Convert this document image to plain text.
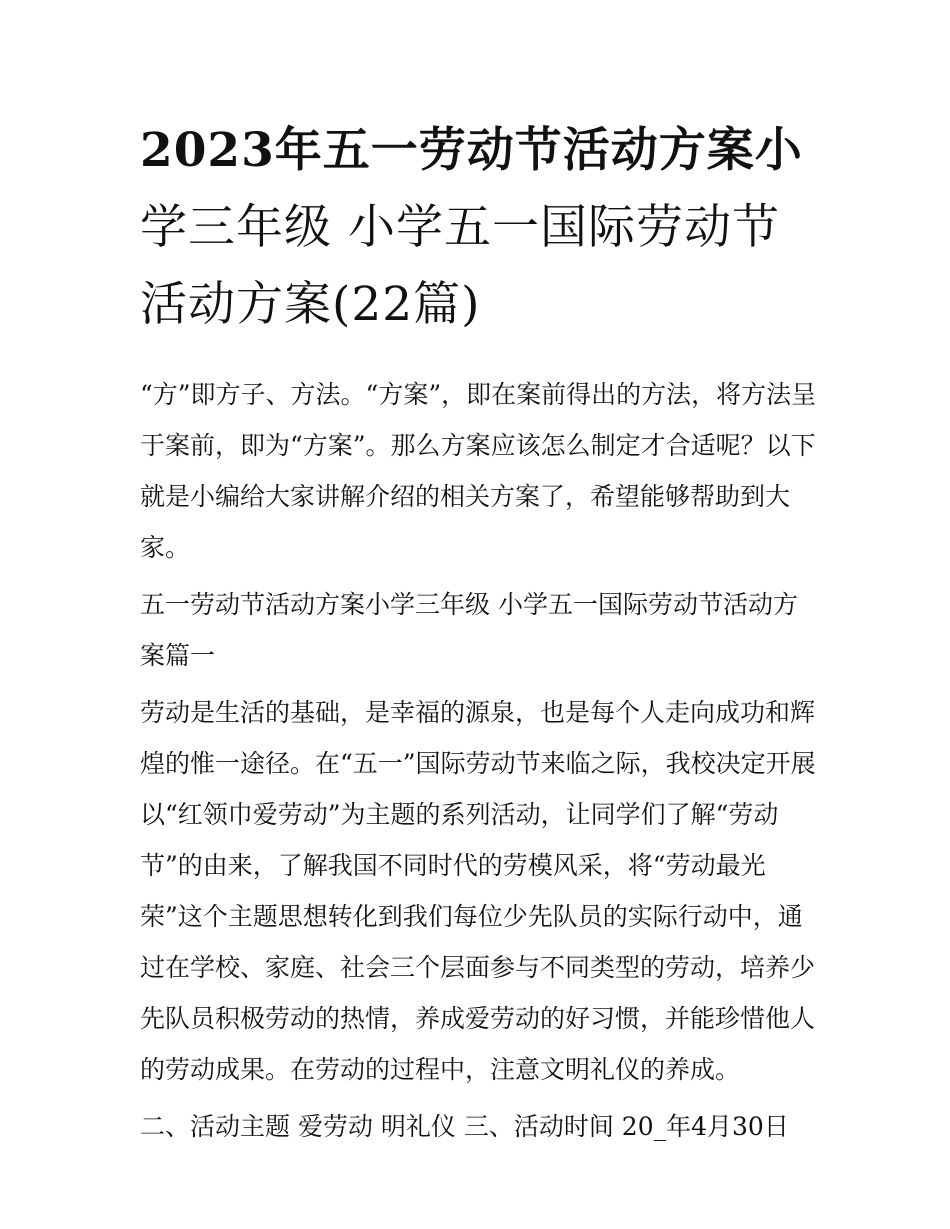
2023年五一劳动节活动方案小
学三年级 小学五一国际劳动节
活动方案(22篇)

“方”即方子、方法。“方案”，即在案前得出的方法，将方法呈
于案前，即为“方案”。那么方案应该怎么制定才合适呢？以下
就是小编给大家讲解介绍的相关方案了，希望能够帮助到大
家。

五一劳动节活动方案小学三年级 小学五一国际劳动节活动方
案篇一

劳动是生活的基础，是幸福的源泉，也是每个人走向成功和辉
煌的惟一途径。在“五一”国际劳动节来临之际，我校决定开展
以“红领巾爱劳动”为主题的系列活动，让同学们了解“劳动
节”的由来，了解我国不同时代的劳模风采，将“劳动最光
荣”这个主题思想转化到我们每位少先队员的实际行动中，通
过在学校、家庭、社会三个层面参与不同类型的劳动，培养少
先队员积极劳动的热情，养成爱劳动的好习惯，并能珍惜他人
的劳动成果。在劳动的过程中，注意文明礼仪的养成。

二、活动主题 爱劳动 明礼仪 三、活动时间 20_年4月30日
